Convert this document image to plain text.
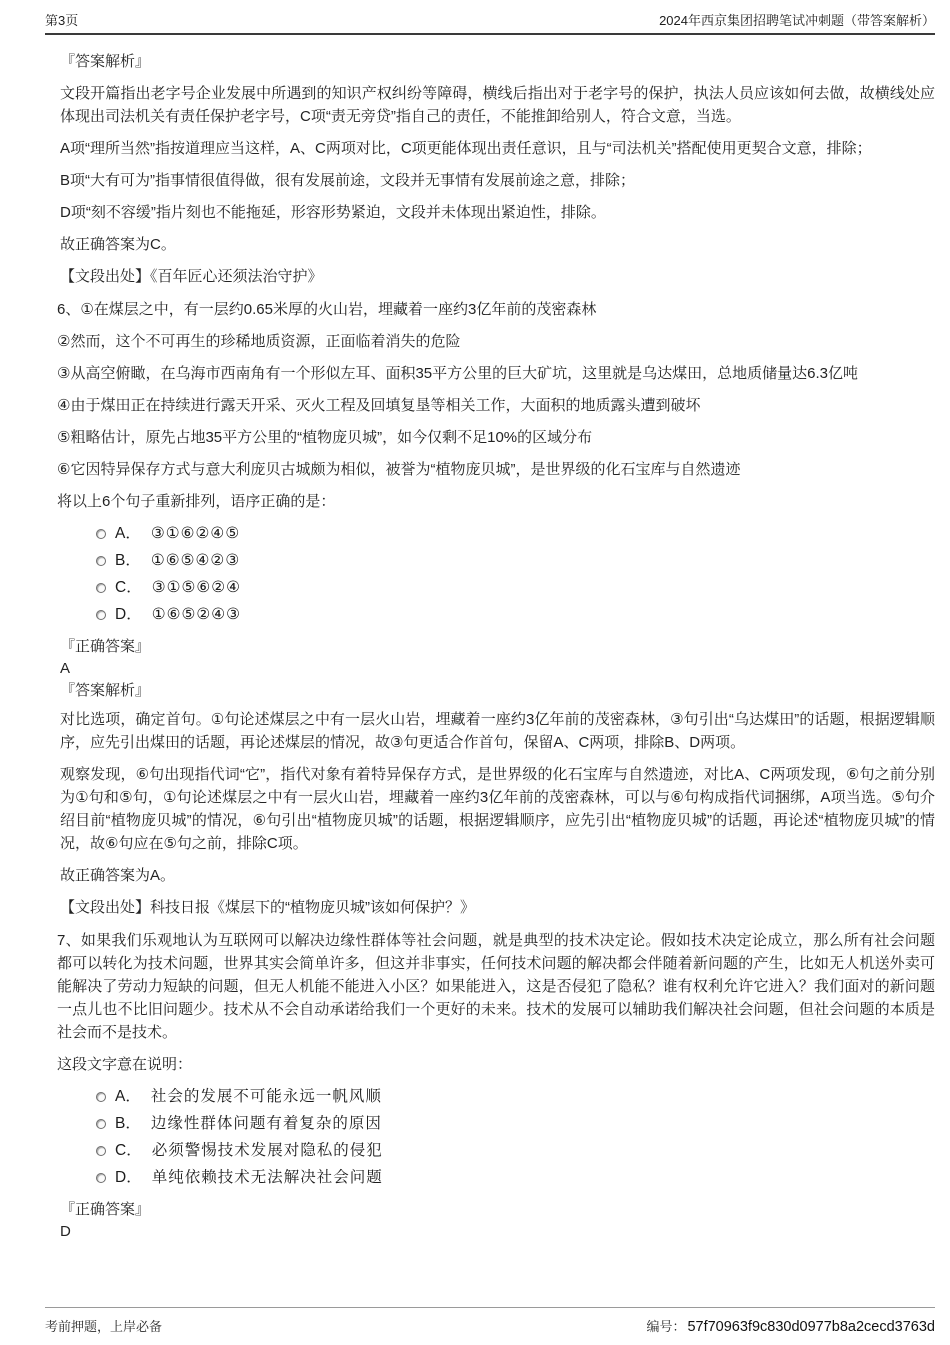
第3页	2024年西京集团招聘笔试冲刺题（带答案解析）

『答案解析』

文段开篇指出老字号企业发展中所遇到的知识产权纠纷等障碍，横线后指出对于老字号的保护，执法人员应该如何去做，故横线处应体现出司法机关有责任保护老字号，C项“责无旁贷”指自己的责任，不能推卸给别人，符合文意，当选。

A项“理所当然”指按道理应当这样，A、C两项对比，C项更能体现出责任意识，且与“司法机关”搭配使用更契合文意，排除；

B项“大有可为”指事情很值得做，很有发展前途，文段并无事情有发展前途之意，排除；

D项“刻不容缓”指片刻也不能拖延，形容形势紧迫，文段并未体现出紧迫性，排除。

故正确答案为C。

【文段出处】《百年匠心还须法治守护》

6、①在煤层之中，有一层约0.65米厚的火山岩，埋藏着一座约3亿年前的茂密森林

②然而，这个不可再生的珍稀地质资源，正面临着消失的危险

③从高空俯瞰，在乌海市西南角有一个形似左耳、面积35平方公里的巨大矿坑，这里就是乌达煤田，总地质储量达6.3亿吨

④由于煤田正在持续进行露天开采、灭火工程及回填复垦等相关工作，大面积的地质露头遭到破坏

⑤粗略估计，原先占地35平方公里的“植物庞贝城”，如今仅剩不足10%的区域分布

⑥它因特异保存方式与意大利庞贝古城颇为相似，被誉为“植物庞贝城”，是世界级的化石宝库与自然遗迹

将以上6个句子重新排列，语序正确的是：

A． ③①⑥②④⑤
B． ①⑥⑤④②③
C． ③①⑤⑥②④
D． ①⑥⑤②④③

『正确答案』

A

『答案解析』

对比选项，确定首句。①句论述煤层之中有一层火山岩，埋藏着一座约3亿年前的茂密森林，③句引出“乌达煤田”的话题，根据逻辑顺序，应先引出煤田的话题，再论述煤层的情况，故③句更适合作首句，保留A、C两项，排除B、D两项。

观察发现，⑥句出现指代词“它”，指代对象有着特异保存方式，是世界级的化石宝库与自然遗迹，对比A、C两项发现，⑥句之前分别为①句和⑤句，①句论述煤层之中有一层火山岩，埋藏着一座约3亿年前的茂密森林，可以与⑥句构成指代词捆绑，A项当选。⑤句介绍目前“植物庞贝城”的情况，⑥句引出“植物庞贝城”的话题，根据逻辑顺序，应先引出“植物庞贝城”的话题，再论述“植物庞贝城”的情况，故⑥句应在⑤句之前，排除C项。

故正确答案为A。

【文段出处】科技日报《煤层下的“植物庞贝城”该如何保护？》

7、如果我们乐观地认为互联网可以解决边缘性群体等社会问题，就是典型的技术决定论。假如技术决定论成立，那么所有社会问题都可以转化为技术问题，世界其实会简单许多，但这并非事实，任何技术问题的解决都会伴随着新问题的产生，比如无人机送外卖可能解决了劳动力短缺的问题，但无人机能不能进入小区？如果能进入，这是否侵犯了隐私？谁有权利允许它进入？我们面对的新问题一点儿也不比旧问题少。技术从不会自动承诺给我们一个更好的未来。技术的发展可以辅助我们解决社会问题，但社会问题的本质是社会而不是技术。

这段文字意在说明：

A． 社会的发展不可能永远一帆风顺
B． 边缘性群体问题有着复杂的原因
C． 必须警惕技术发展对隐私的侵犯
D． 单纯依赖技术无法解决社会问题

『正确答案』

D

考前押题，上岸必备	编号： 57f70963f9c830d0977b8a2cecd3763d
